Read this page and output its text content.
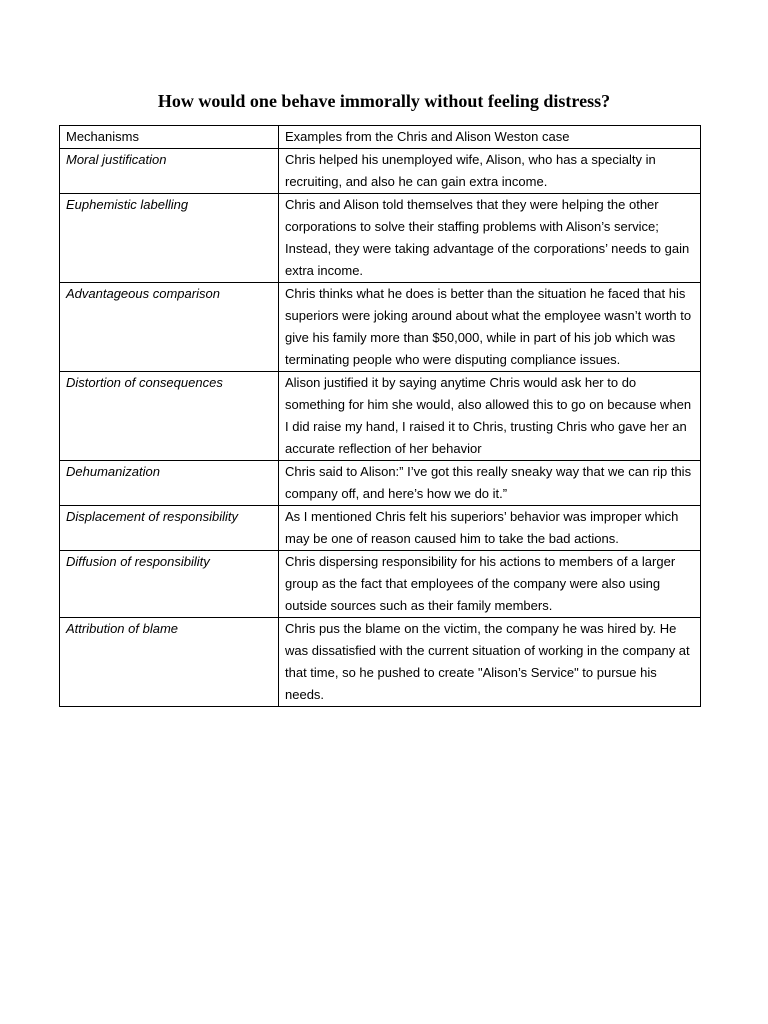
How would one behave immorally without feeling distress?
Mechanisms	Examples from the Chris and Alison Weston case
Moral justification	Chris helped his unemployed wife, Alison, who has a specialty in recruiting, and also he can gain extra income.
Euphemistic labelling	Chris and Alison told themselves that they were helping the other corporations to solve their staffing problems with Alison’s service; Instead, they were taking advantage of the corporations’ needs to gain extra income.
Advantageous comparison	Chris thinks what he does is better than the situation he faced that his superiors were joking around about what the employee wasn’t worth to give his family more than $50,000, while in part of his job which was terminating people who were disputing compliance issues.
Distortion of consequences	Alison justified it by saying anytime Chris would ask her to do something for him she would, also allowed this to go on because when I did raise my hand, I raised it to Chris, trusting Chris who gave her an accurate reflection of her behavior
Dehumanization	Chris said to Alison:” I’ve got this really sneaky way that we can rip this company off, and here’s how we do it.”
Displacement of responsibility	As I mentioned Chris felt his superiors’ behavior was improper which may be one of reason caused him to take the bad actions.
Diffusion of responsibility	Chris dispersing responsibility for his actions to members of a larger group as the fact that employees of the company were also using outside sources such as their family members.
Attribution of blame	Chris pus the blame on the victim, the company he was hired by. He was dissatisfied with the current situation of working in the company at that time, so he pushed to create "Alison’s Service" to pursue his needs.
